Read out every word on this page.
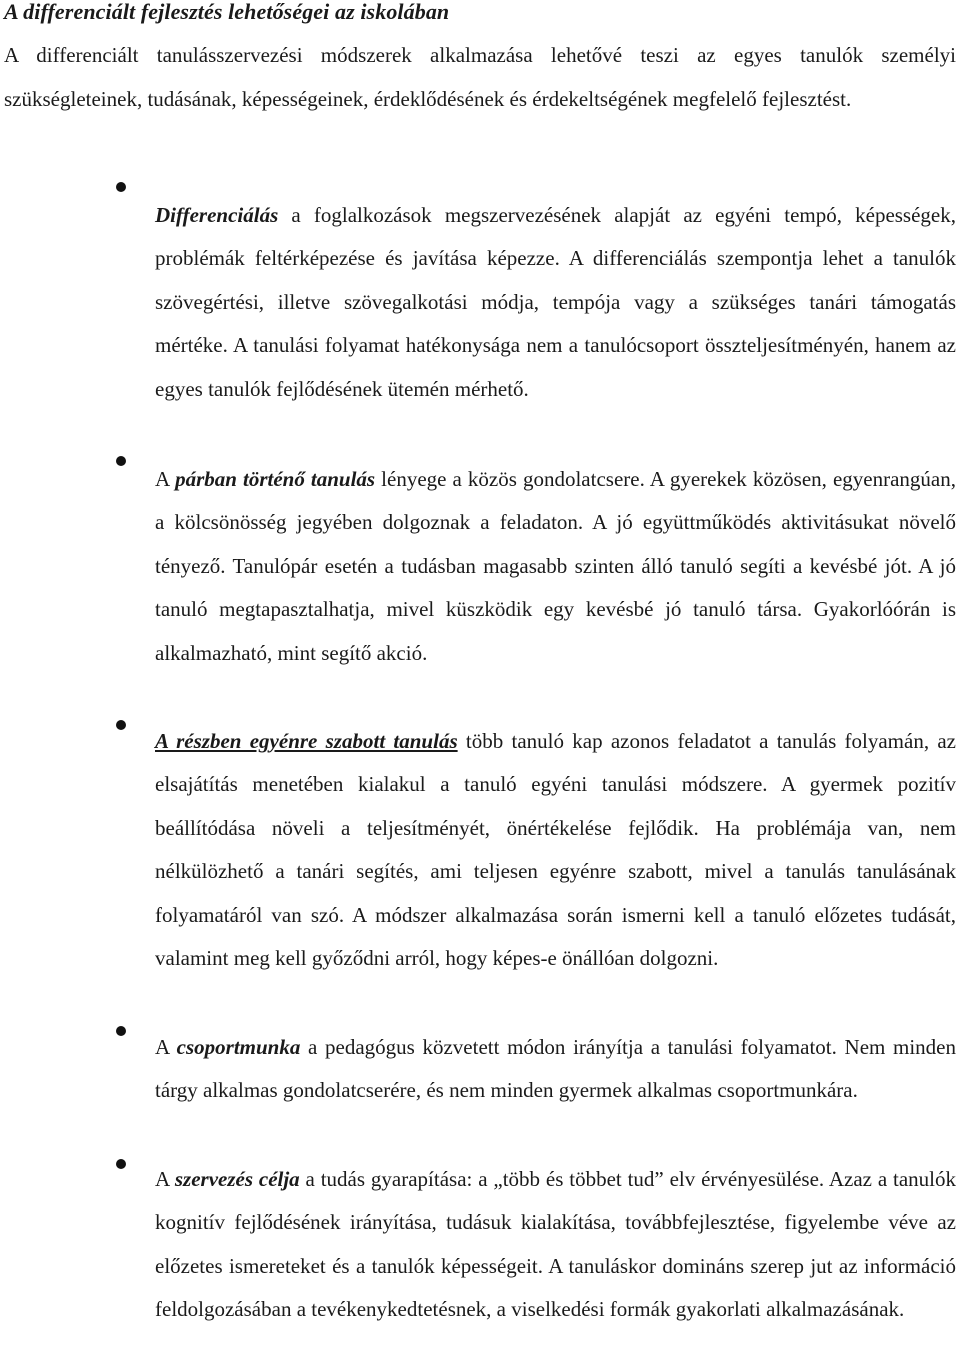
A differenciált fejlesztés lehetőségei az iskolában
A differenciált tanulásszervezési módszerek alkalmazása lehetővé teszi az egyes tanulók személyi szükségleteinek, tudásának, képességeinek, érdeklődésének és érdekeltségének megfelelő fejlesztést.

Differenciálás a foglalkozások megszervezésének alapját az egyéni tempó, képességek, problémák feltérképezése és javítása képezze. A differenciálás szempontja lehet a tanulók szövegértési, illetve szövegalkotási módja, tempója vagy a szükséges tanári támogatás mértéke. A tanulási folyamat hatékonysága nem a tanulócsoport összteljesítményén, hanem az egyes tanulók fejlődésének ütemén mérhető.

A párban történő tanulás lényege a közös gondolatcsere. A gyerekek közösen, egyenrangúan, a kölcsönösség jegyében dolgoznak a feladaton. A jó együttműködés aktivitásukat növelő tényező. Tanulópár esetén a tudásban magasabb szinten álló tanuló segíti a kevésbé jót. A jó tanuló megtapasztalhatja, mivel küszködik egy kevésbé jó tanuló társa. Gyakorlóórán is alkalmazható, mint segítő akció.

A részben egyénre szabott tanulás több tanuló kap azonos feladatot a tanulás folyamán, az elsajátítás menetében kialakul a tanuló egyéni tanulási módszere. A gyermek pozitív beállítódása növeli a teljesítményét, önértékelése fejlődik. Ha problémája van, nem nélkülözhető a tanári segítés, ami teljesen egyénre szabott, mivel a tanulás tanulásának folyamatáról van szó. A módszer alkalmazása során ismerni kell a tanuló előzetes tudását, valamint meg kell győződni arról, hogy képes-e önállóan dolgozni.

A csoportmunka a pedagógus közvetett módon irányítja a tanulási folyamatot. Nem minden tárgy alkalmas gondolatcserére, és nem minden gyermek alkalmas csoportmunkára.

A szervezés célja a tudás gyarapítása: a „több és többet tud” elv érvényesülése. Azaz a tanulók kognitív fejlődésének irányítása, tudásuk kialakítása, továbbfejlesztése, figyelembe véve az előzetes ismereteket és a tanulók képességeit. A tanuláskor domináns szerep jut az információ feldolgozásában a tevékenykedtetésnek, a viselkedési formák gyakorlati alkalmazásának.
